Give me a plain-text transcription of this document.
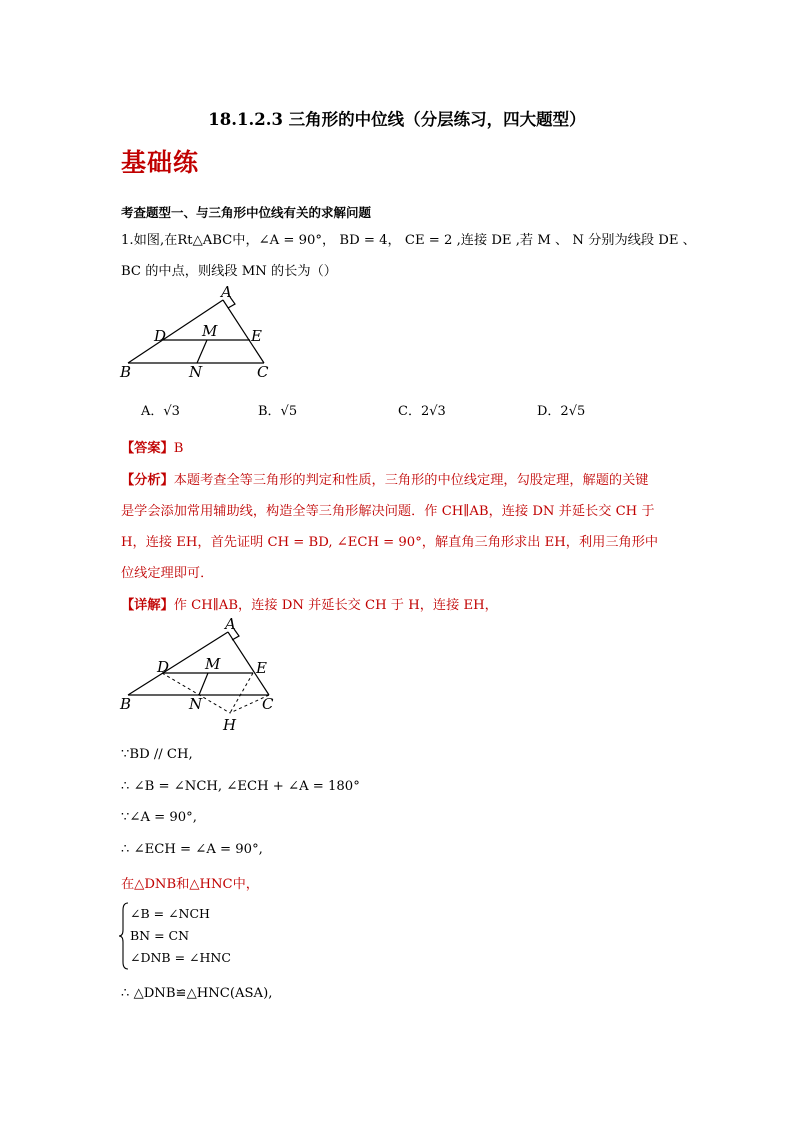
18.1.2.3 三角形的中位线（分层练习，四大题型）
基础练
考查题型一、与三角形中位线有关的求解问题
1.如图,在Rt△ABC中，∠A = 90°， BD = 4， CE = 2 ,连接 DE ,若 M 、 N 分别为线段 DE 、
BC 的中点，则线段 MN 的长为（）
A
B	C
D	E
M
N
A．√3	B．√5	C．2√3	D．2√5
【答案】B
【分析】本题考查全等三角形的判定和性质，三角形的中位线定理，勾股定理，解题的关键
是学会添加常用辅助线，构造全等三角形解决问题．作 CH∥AB，连接 DN 并延长交 CH 于
H，连接 EH，首先证明 CH = BD, ∠ECH = 90°，解直角三角形求出 EH，利用三角形中
位线定理即可．
【详解】作 CH∥AB，连接 DN 并延长交 CH 于 H，连接 EH，
A
B	C
D	E
M
N
H
∵BD // CH,
∴ ∠B = ∠NCH, ∠ECH + ∠A = 180°
∵∠A = 90°,
∴ ∠ECH = ∠A = 90°,
在△DNB和△HNC中，
∠B = ∠NCH
BN = CN
∠DNB = ∠HNC
∴ △DNB≌△HNC(ASA),
